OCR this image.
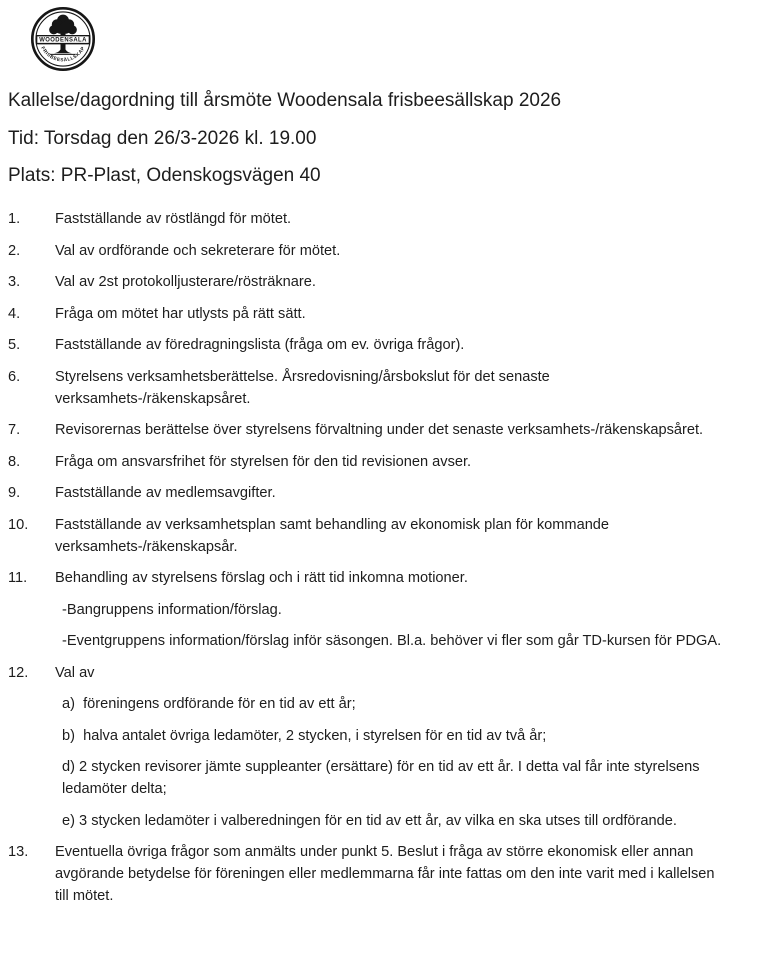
WOODENSALA
FRISBEESÄLLSKAP

Kallelse/dagordning till årsmöte Woodensala frisbeesällskap 2026

Tid: Torsdag den 26/3-2026 kl. 19.00

Plats: PR-Plast, Odenskogsvägen 40

1.	Fastställande av röstlängd för mötet.
2.	Val av ordförande och sekreterare för mötet.
3.	Val av 2st protokolljusterare/rösträknare.
4.	Fråga om mötet har utlysts på rätt sätt.
5.	Fastställande av föredragningslista (fråga om ev. övriga frågor).
6.	Styrelsens verksamhetsberättelse. Årsredovisning/årsbokslut för det senaste verksamhets-/räkenskapsåret.
7.	Revisorernas berättelse över styrelsens förvaltning under det senaste verksamhets-/räkenskapsåret.
8.	Fråga om ansvarsfrihet för styrelsen för den tid revisionen avser.
9.	Fastställande av medlemsavgifter.
10.	Fastställande av verksamhetsplan samt behandling av ekonomisk plan för kommande verksamhets-/räkenskapsår.
11.	Behandling av styrelsens förslag och i rätt tid inkomna motioner.
-Bangruppens information/förslag.
-Eventgruppens information/förslag inför säsongen. Bl.a. behöver vi fler som går TD-kursen för PDGA.
12.	Val av
a)  föreningens ordförande för en tid av ett år;
b)  halva antalet övriga ledamöter, 2 stycken, i styrelsen för en tid av två år;
d) 2 stycken revisorer jämte suppleanter (ersättare) för en tid av ett år. I detta val får inte styrelsens ledamöter delta;
e) 3 stycken ledamöter i valberedningen för en tid av ett år, av vilka en ska utses till ordförande.
13.	Eventuella övriga frågor som anmälts under punkt 5. Beslut i fråga av större ekonomisk eller annan avgörande betydelse för föreningen eller medlemmarna får inte fattas om den inte varit med i kallelsen till mötet.
